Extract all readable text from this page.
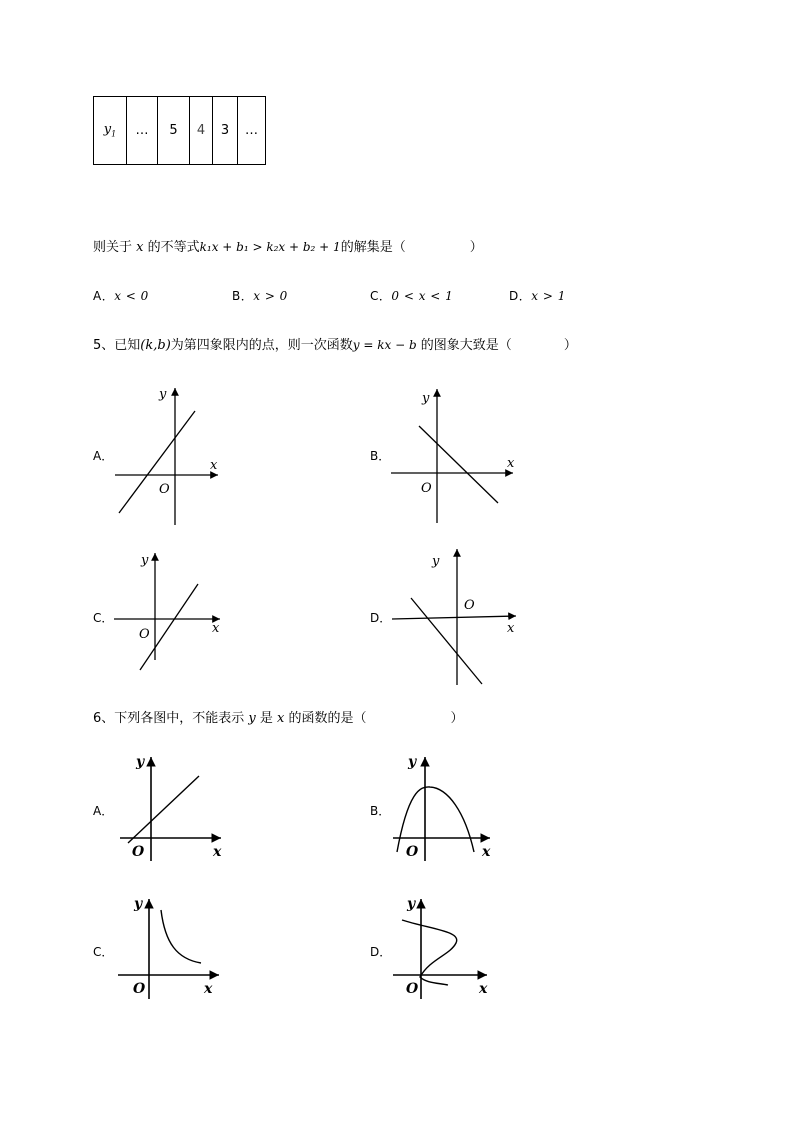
$y_1$	…	5	4	3	…
则关于 x 的不等式k₁x + b₁ > k₂x + b₂ + 1的解集是（	）
A．x < 0	B．x > 0	C．0 < x < 1	D．x > 1
5、已知(k,b)为第四象限内的点，则一次函数y = kx − b 的图象大致是（	）
A．	B．
C．	D．
x
y
O
x
y
O
x
y
O	x
y
O
6、下列各图中，不能表示 y 是 x 的函数的是（	）
A．	B．
C．	D．
x
y
O	x
y
O
x
y
O	x
y
O
